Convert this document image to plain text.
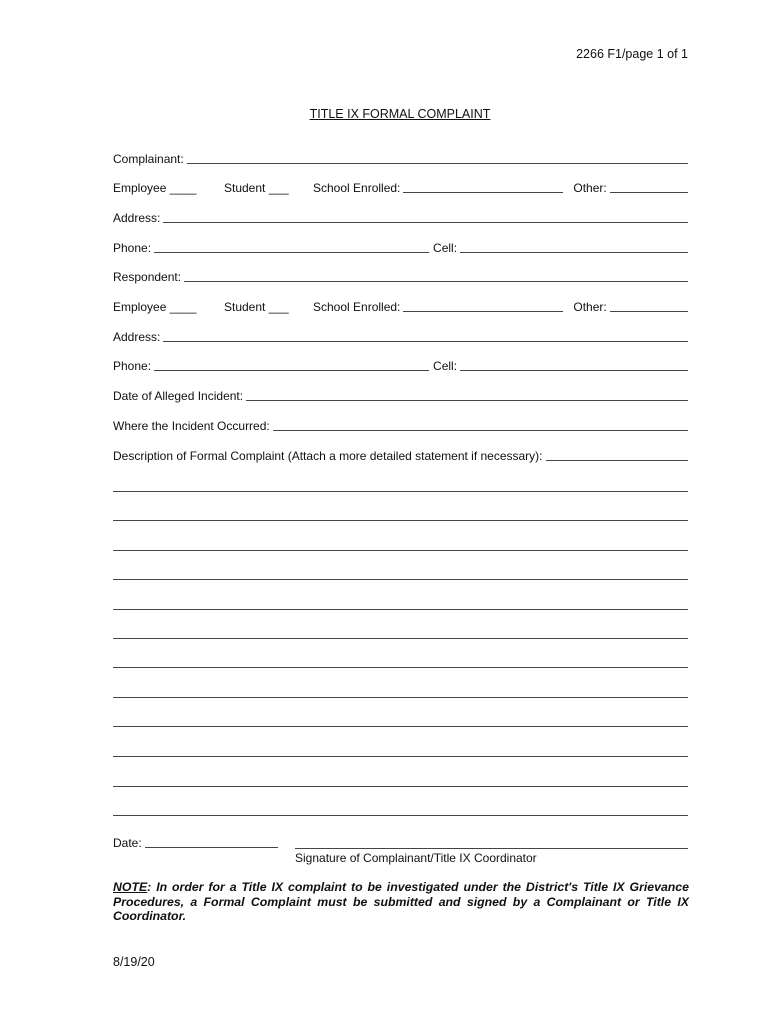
2266 F1/page 1 of 1
TITLE IX FORMAL COMPLAINT
Complainant:
Employee ____	Student ___	School Enrolled:	Other:
Address:
Phone:	Cell:
Respondent:
Employee ____	Student ___	School Enrolled:	Other:
Address:
Phone:	Cell:
Date of Alleged Incident:
Where the Incident Occurred:
Description of Formal Complaint (Attach a more detailed statement if necessary):
Date:
Signature of Complainant/Title IX Coordinator
NOTE: In order for a Title IX complaint to be investigated under the District's Title IX Grievance Procedures, a Formal Complaint must be submitted and signed by a Complainant or Title IX Coordinator.
8/19/20
